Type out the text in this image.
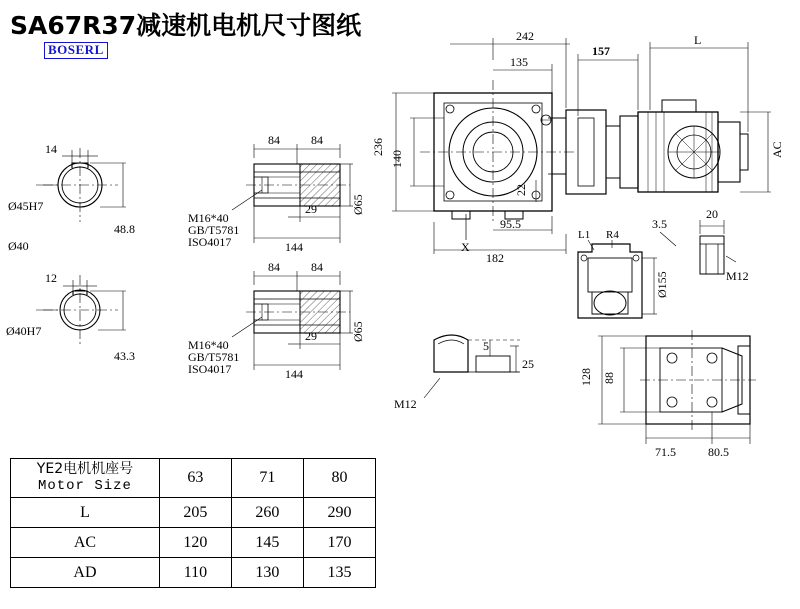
SA67R37减速机电机尺寸图纸
BOSERL
14
Ø45H7
48.8
Ø40
12
Ø40H7
43.3
84	84
29
144
M16*40
GB/T5781
ISO4017
Ø65
84	84
29
144
M16*40
GB/T5781
ISO4017
Ø65
242
135
157
L
236
140
22
AC
95.5
182
X
L1 R4
3.5
20
Ø155	M12
5
25
M12
128 88
71.5	80.5
YE2电机机座号
Motor Size	63	71	80
L	205	260	290
AC	120	145	170
AD	110	130	135
